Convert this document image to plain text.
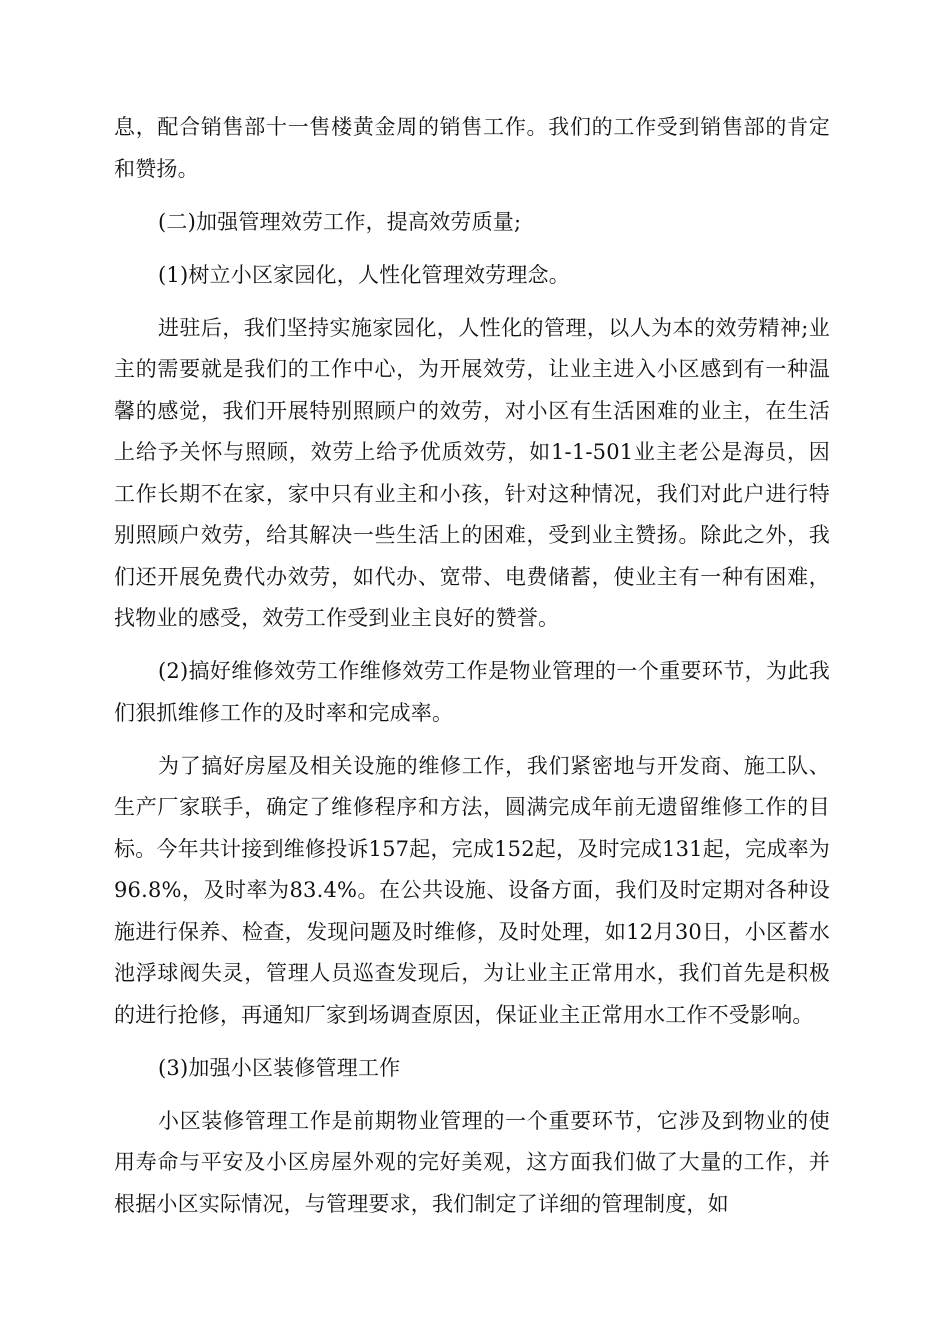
息，配合销售部十一售楼黄金周的销售工作。我们的工作受到销售部的肯定和赞扬。

(二)加强管理效劳工作，提高效劳质量;

(1)树立小区家园化，人性化管理效劳理念。

进驻后，我们坚持实施家园化，人性化的管理，以人为本的效劳精神;业主的需要就是我们的工作中心，为开展效劳，让业主进入小区感到有一种温馨的感觉，我们开展特别照顾户的效劳，对小区有生活困难的业主，在生活上给予关怀与照顾，效劳上给予优质效劳，如1-1-501业主老公是海员，因工作长期不在家，家中只有业主和小孩，针对这种情况，我们对此户进行特别照顾户效劳，给其解决一些生活上的困难，受到业主赞扬。除此之外，我们还开展免费代办效劳，如代办、宽带、电费储蓄，使业主有一种有困难，找物业的感受，效劳工作受到业主良好的赞誉。

(2)搞好维修效劳工作维修效劳工作是物业管理的一个重要环节，为此我们狠抓维修工作的及时率和完成率。

为了搞好房屋及相关设施的维修工作，我们紧密地与开发商、施工队、生产厂家联手，确定了维修程序和方法，圆满完成年前无遗留维修工作的目标。今年共计接到维修投诉157起，完成152起，及时完成131起，完成率为96.8%，及时率为83.4%。在公共设施、设备方面，我们及时定期对各种设施进行保养、检查，发现问题及时维修，及时处理，如12月30日，小区蓄水池浮球阀失灵，管理人员巡查发现后，为让业主正常用水，我们首先是积极的进行抢修，再通知厂家到场调查原因，保证业主正常用水工作不受影响。

(3)加强小区装修管理工作

小区装修管理工作是前期物业管理的一个重要环节，它涉及到物业的使用寿命与平安及小区房屋外观的完好美观，这方面我们做了大量的工作，并根据小区实际情况，与管理要求，我们制定了详细的管理制度，如
